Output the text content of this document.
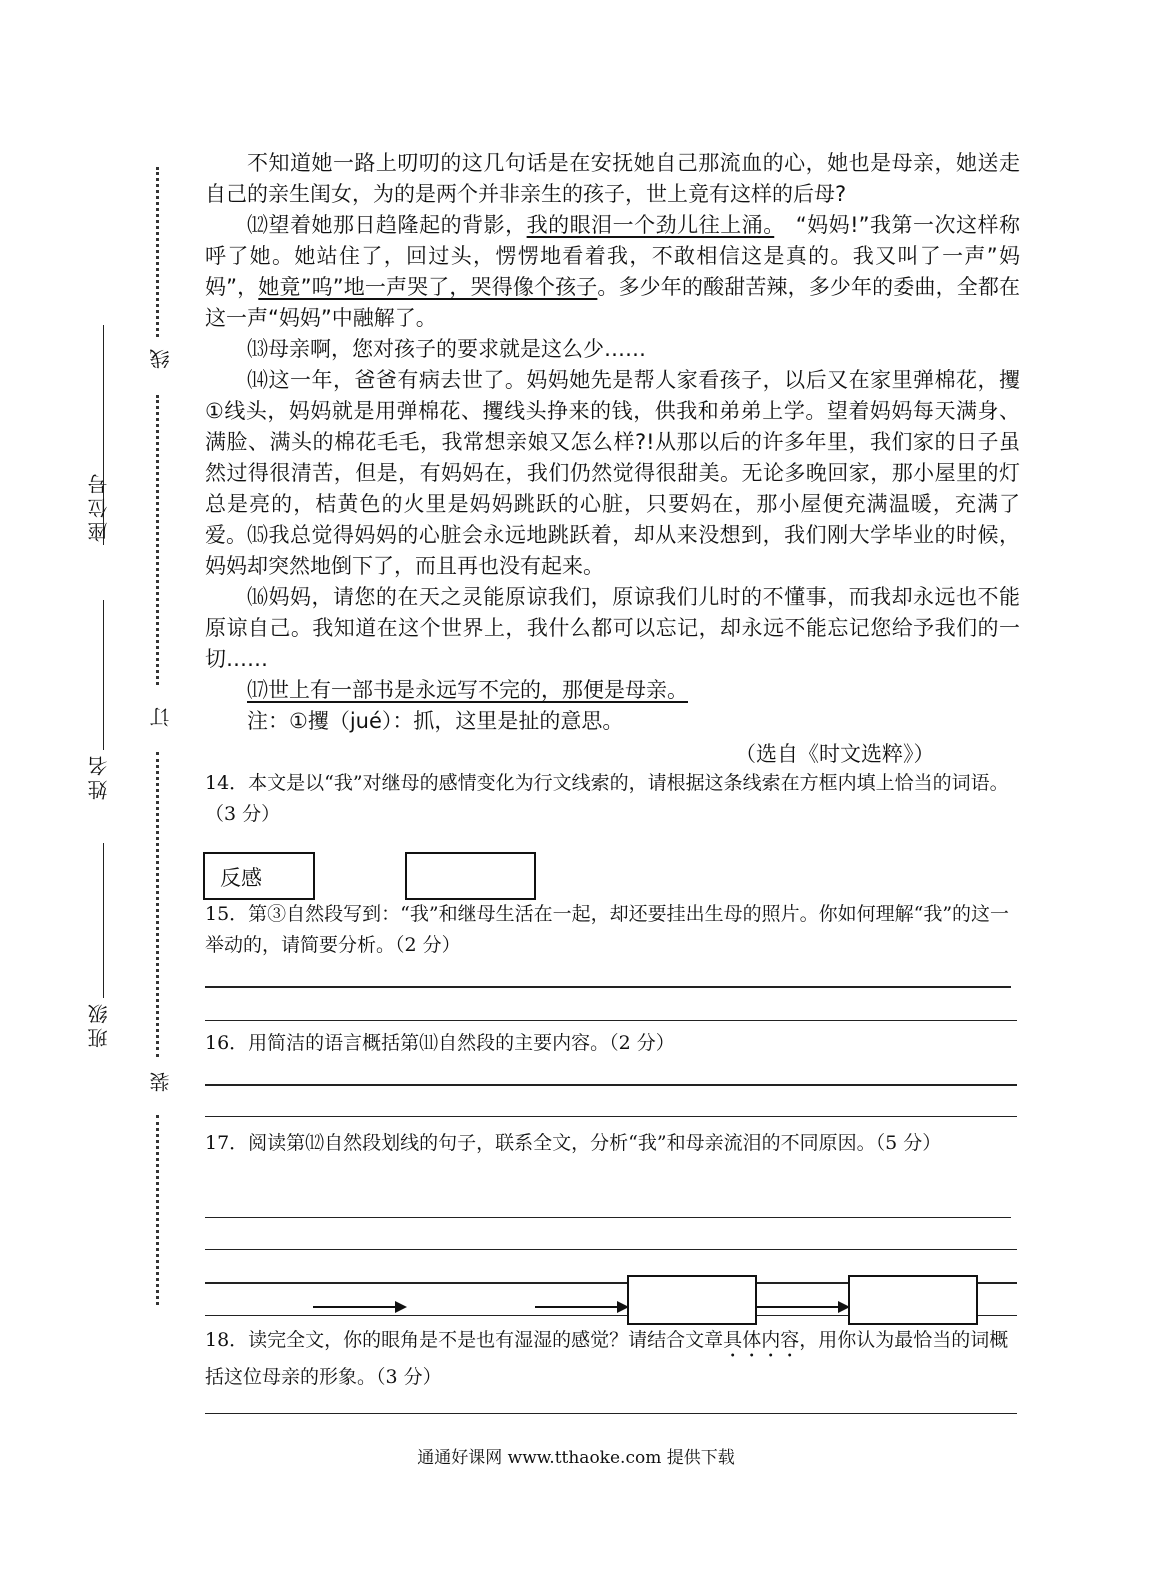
座位号
姓名
班级
线
订
装
不知道她一路上叨叨的这几句话是在安抚她自己那流血的心，她也是母亲，她送走自己的亲生闺女，为的是两个并非亲生的孩子，世上竟有这样的后母?
⑿望着她那日趋隆起的背影，我的眼泪一个劲儿往上涌。　 “妈妈!”我第一次这样称呼了她。她站住了，回过头，愣愣地看着我，不敢相信这是真的。我又叫了一声”妈妈”，她竟”呜”地一声哭了，哭得像个孩子。多少年的酸甜苦辣，多少年的委曲，全都在这一声“妈妈”中融解了。
⒀母亲啊，您对孩子的要求就是这么少……
⒁这一年，爸爸有病去世了。妈妈她先是帮人家看孩子，以后又在家里弹棉花，攫①线头，妈妈就是用弹棉花、攫线头挣来的钱，供我和弟弟上学。望着妈妈每天满身、满脸、满头的棉花毛毛，我常想亲娘又怎么样?!从那以后的许多年里，我们家的日子虽然过得很清苦，但是，有妈妈在，我们仍然觉得很甜美。无论多晚回家，那小屋里的灯总是亮的，桔黄色的火里是妈妈跳跃的心脏，只要妈在，那小屋便充满温暖，充满了爱。 ⒂我总觉得妈妈的心脏会永远地跳跃着，却从来没想到，我们刚大学毕业的时候，妈妈却突然地倒下了，而且再也没有起来。
⒃妈妈，请您的在天之灵能原谅我们，原谅我们儿时的不懂事，而我却永远也不能原谅自己。我知道在这个世界上，我什么都可以忘记，却永远不能忘记您给予我们的一切……
⒄世上有一部书是永远写不完的，那便是母亲。
注：①攫（jué）：抓，这里是扯的意思。
（选自《时文选粹》）
14．本文是以“我”对继母的感情变化为行文线索的，请根据这条线索在方框内填上恰当的词语。（3 分）
反感
15．第③自然段写到：“我”和继母生活在一起，却还要挂出生母的照片。你如何理解“我”的这一举动的，请简要分析。（2 分）
16．用简洁的语言概括第⑾自然段的主要内容。（2 分）
17．阅读第⑿自然段划线的句子，联系全文，分析“我”和母亲流泪的不同原因。（5 分）
18．读完全文，你的眼角是不是也有湿湿的感觉？请结合文章具体内容，用你认为最恰当的词概括这位母亲的形象。（3 分）
通通好课网 www.tthaoke.com 提供下载
